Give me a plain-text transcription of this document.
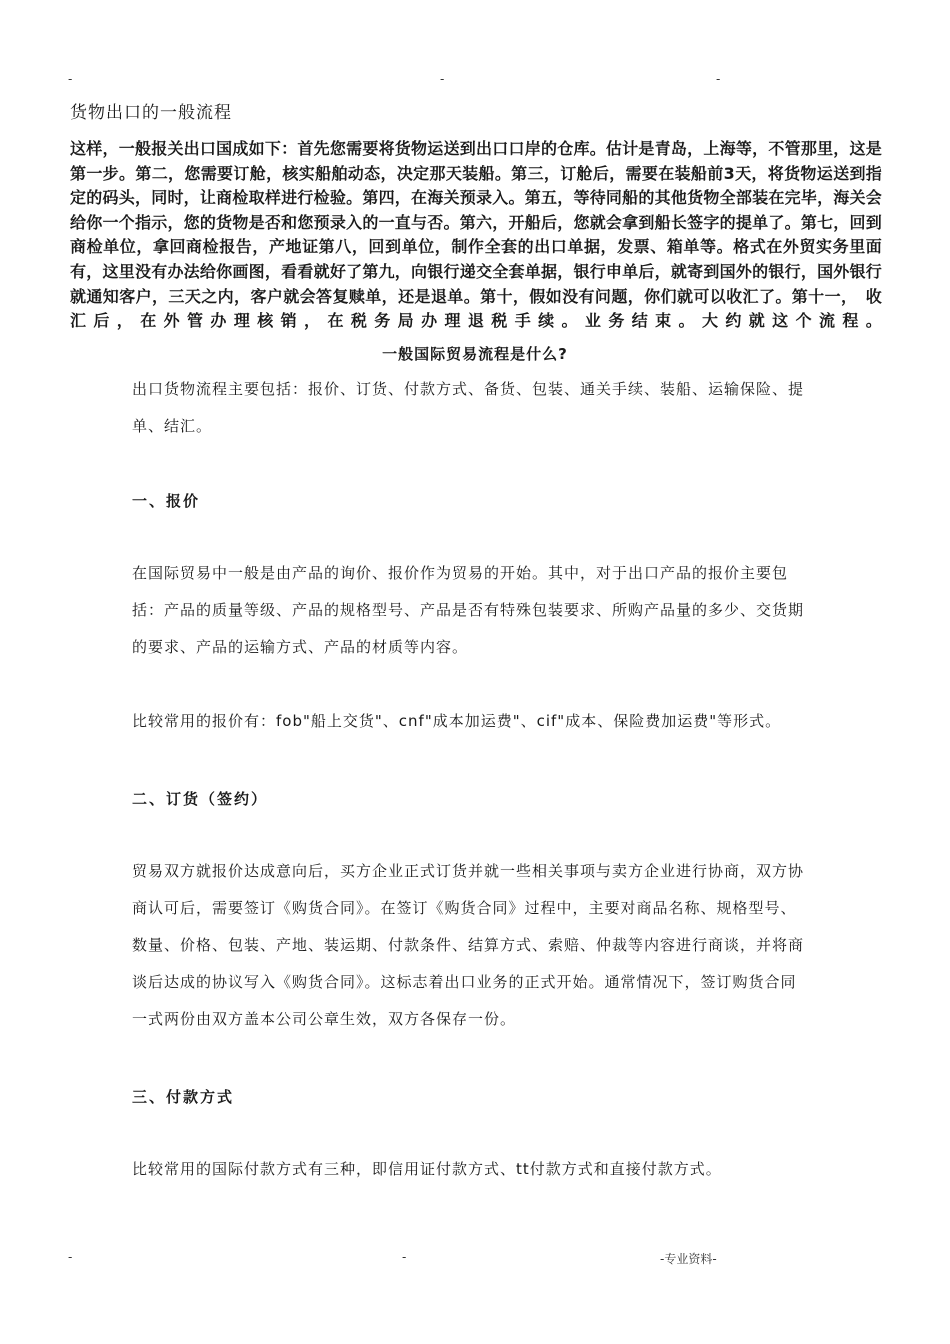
-	-	-
货物出口的一般流程

这样，一般报关出口国成如下：首先您需要将货物运送到出口口岸的仓库。估计是青岛，上海等，不管那里，这是第一步。第二，您需要订舱，核实船舶动态，决定那天装船。第三，订舱后，需要在装船前3天，将货物运送到指定的码头，同时，让商检取样进行检验。第四，在海关预录入。第五，等待同船的其他货物全部装在完毕，海关会给你一个指示，您的货物是否和您预录入的一直与否。第六，开船后，您就会拿到船长签字的提单了。第七，回到商检单位，拿回商检报告，产地证第八，回到单位，制作全套的出口单据，发票、箱单等。格式在外贸实务里面有，这里没有办法给你画图，看看就好了第九，向银行递交全套单据，银行申单后，就寄到国外的银行，国外银行就通知客户，三天之内，客户就会答复赎单，还是退单。第十，假如没有问题，你们就可以收汇了。第十一，　收汇后，在外管办理核销，在税务局办理退税手续。业务结束。大约就这个流程。

一般国际贸易流程是什么?

出口货物流程主要包括：报价、订货、付款方式、备货、包装、通关手续、装船、运输保险、提单、结汇。

一、报价

在国际贸易中一般是由产品的询价、报价作为贸易的开始。其中，对于出口产品的报价主要包括：产品的质量等级、产品的规格型号、产品是否有特殊包装要求、所购产品量的多少、交货期的要求、产品的运输方式、产品的材质等内容。

比较常用的报价有：fob"船上交货"、cnf"成本加运费"、cif"成本、保险费加运费"等形式。

二、订货（签约）

贸易双方就报价达成意向后，买方企业正式订货并就一些相关事项与卖方企业进行协商，双方协商认可后，需要签订《购货合同》。在签订《购货合同》过程中，主要对商品名称、规格型号、数量、价格、包装、产地、装运期、付款条件、结算方式、索赔、仲裁等内容进行商谈，并将商谈后达成的协议写入《购货合同》。这标志着出口业务的正式开始。通常情况下，签订购货合同一式两份由双方盖本公司公章生效，双方各保存一份。

三、付款方式

比较常用的国际付款方式有三种，即信用证付款方式、tt付款方式和直接付款方式。

-	-	-专业资料-
